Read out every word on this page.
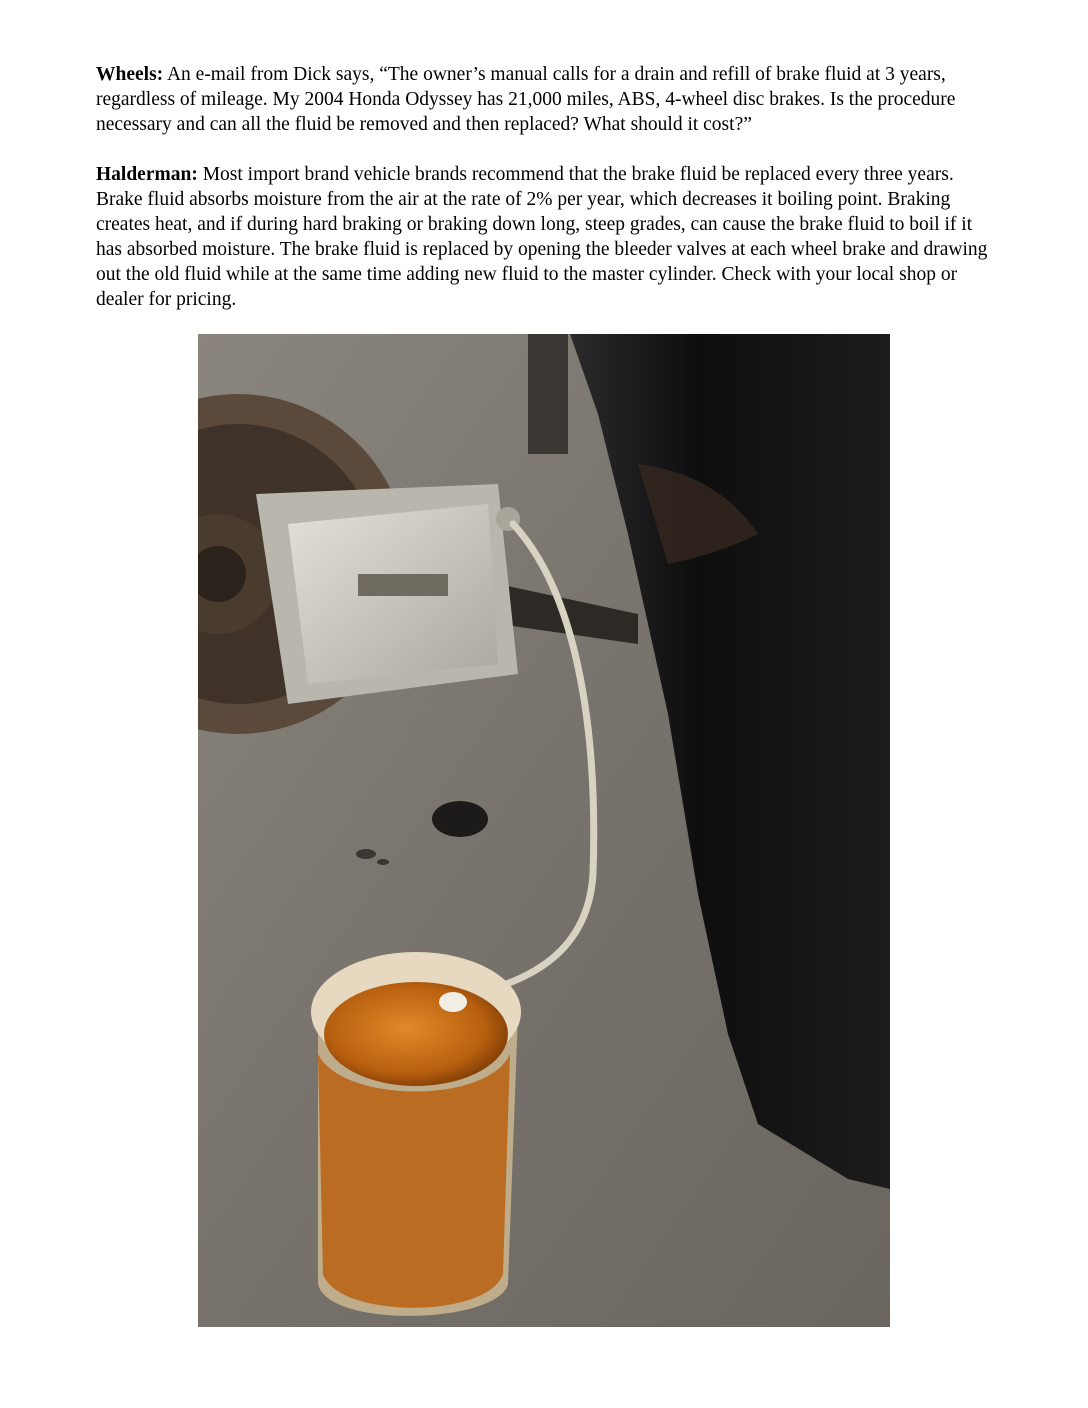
Wheels: An e-mail from Dick says, “The owner’s manual calls for a drain and refill of brake fluid at 3 years, regardless of mileage. My 2004 Honda Odyssey has 21,000 miles, ABS, 4-wheel disc brakes. Is the procedure necessary and can all the fluid be removed and then replaced? What should it cost?”

Halderman: Most import brand vehicle brands recommend that the brake fluid be replaced every three years. Brake fluid absorbs moisture from the air at the rate of 2% per year, which decreases it boiling point. Braking creates heat, and if during hard braking or braking down long, steep grades, can cause the brake fluid to boil if it has absorbed moisture. The brake fluid is replaced by opening the bleeder valves at each wheel brake and drawing out the old fluid while at the same time adding new fluid to the master cylinder. Check with your local shop or dealer for pricing.
